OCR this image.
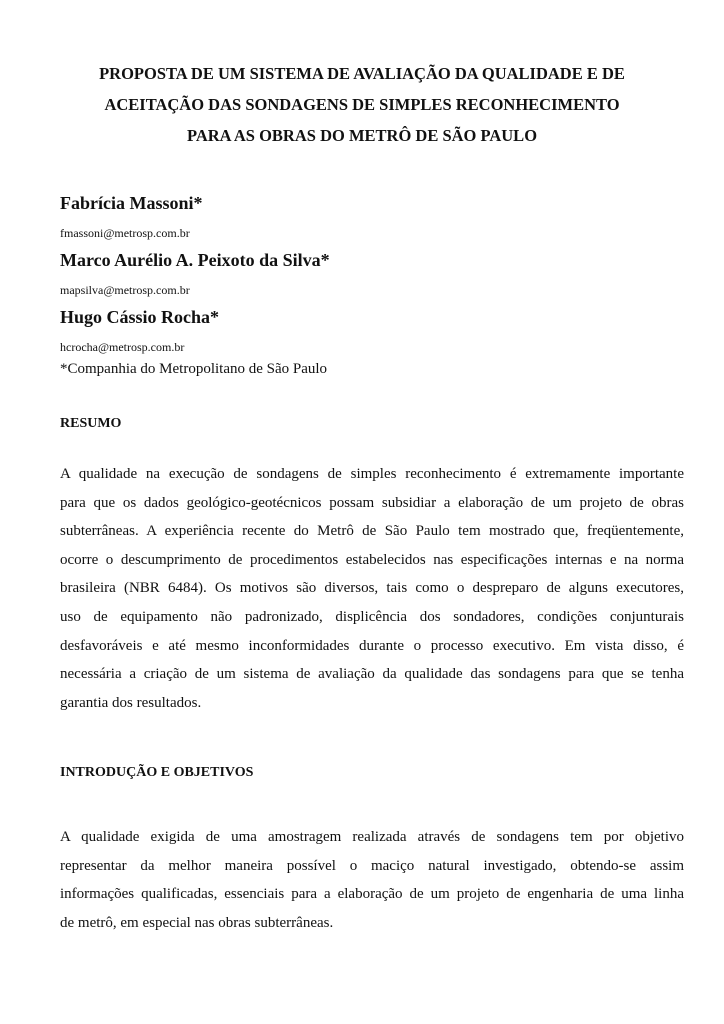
PROPOSTA DE UM SISTEMA DE AVALIAÇÃO DA QUALIDADE E DE
ACEITAÇÃO DAS SONDAGENS DE SIMPLES RECONHECIMENTO
PARA AS OBRAS DO METRÔ DE SÃO PAULO
Fabrícia Massoni*
fmassoni@metrosp.com.br
Marco Aurélio A. Peixoto da Silva*
mapsilva@metrosp.com.br
Hugo Cássio Rocha*
hcrocha@metrosp.com.br
*Companhia do Metropolitano de São Paulo
RESUMO
A qualidade na execução de sondagens de simples reconhecimento é extremamente importante
para que os dados geológico-geotécnicos possam subsidiar a elaboração de um projeto de obras
subterrâneas. A experiência recente do Metrô de São Paulo tem mostrado que, freqüentemente,
ocorre o descumprimento de procedimentos estabelecidos nas especificações internas e na norma
brasileira (NBR 6484). Os motivos são diversos, tais como o despreparo de alguns executores,
uso de equipamento não padronizado, displicência dos sondadores, condições conjunturais
desfavoráveis e até mesmo inconformidades durante o processo executivo. Em vista disso, é
necessária a criação de um sistema de avaliação da qualidade das sondagens para que se tenha
garantia dos resultados.
INTRODUÇÃO E OBJETIVOS
A qualidade exigida de uma amostragem realizada através de sondagens tem por objetivo
representar da melhor maneira possível o maciço natural investigado, obtendo-se assim
informações qualificadas, essenciais para a elaboração de um projeto de engenharia de uma linha
de metrô, em especial nas obras subterrâneas.
